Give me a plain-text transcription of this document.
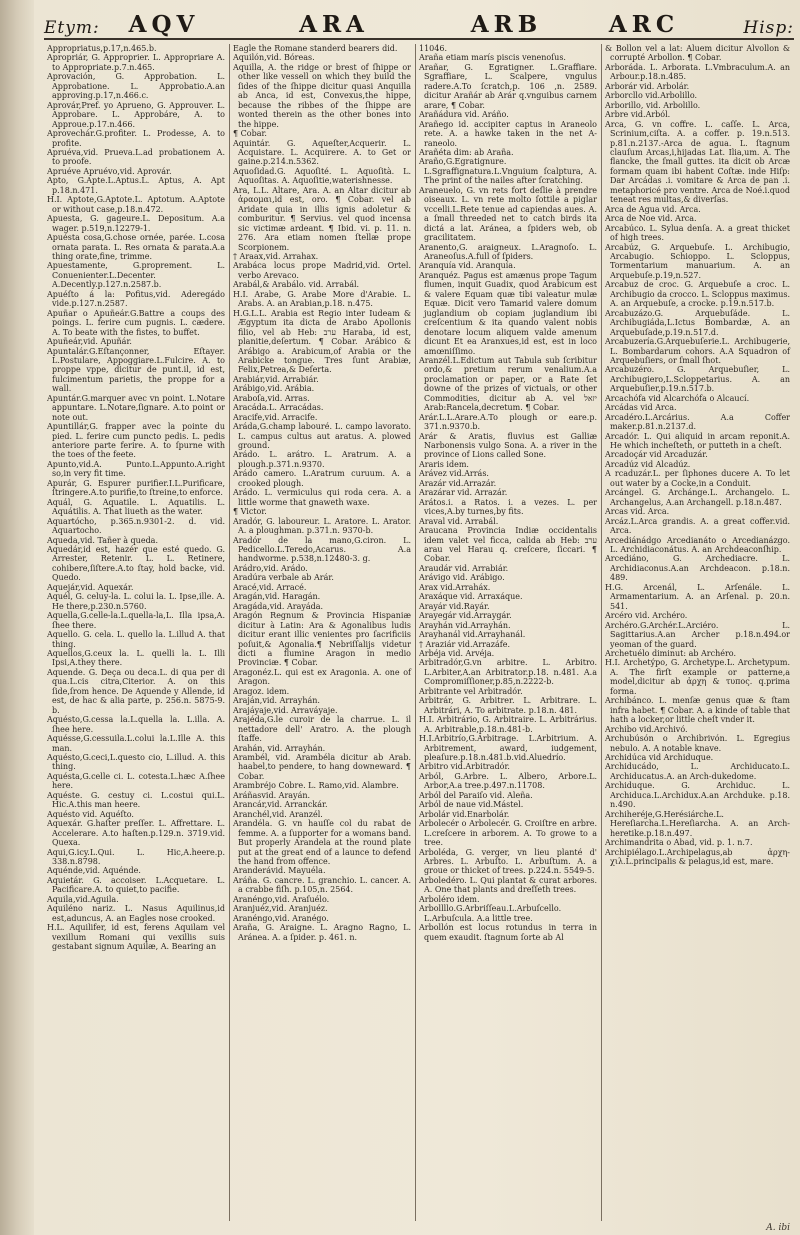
Etym:	AQV	ARA	ARB	ARC	Hisp:

Appropriatus,p.17,n.465.b.

Apropriár, G. Approprier. L. Appropriare A. to Appropriate.p.7.n.465.

Aprovación, G. Approbation. L. Approbatione. L. Approbatio.A.an approving.p.17,n.466.c.

Aprovár,Pref. yo Aprueno, G. Approuver. L. Approbare. L. Approbáre, A. to Approue.p.17.n.466.

Aprovechár.G.profiter. L. Prodesse, A. to profite.

Apruéva,vid. Prueva.L.ad probationem A. to proofe.

Apruéve Apruévo,vid. Aprovár.

Apto, G.Apte.L.Aptus.L. Aptus, A. Apt p.18.n.471.

H.I. Aptote,G.Aptote.L. Aptotum. A.Aptote or without case,p.18.n.472.

Apuesta, G. gageure.L. Depositum. A.a wager. p.519,n.12279-1.

Apuésta cosa,G.chose ornée, parée. L.cosa ornata parata. L. Res ornata & parata.A.a thing orate,fine, trimme.

Apuestamente, G.proprement. L. Conuenienter.L.Decenter. A.Decently.p.127.n.2587.b.

Apuéſto á la: Pofitus,vid. Aderegádo vide.p.127.n.2587.

Apuñar o Apuñeár.G.Battre a coups des poings. L. ferire cum pugnis. L. cædere. A. To beate with the fistes, to buffet.

Apuñeár,vid. Apuñár.

Apuntalár.G.Eſtançonner, Eſtayer. L.Postulare, Appoggiare.L.Fulcire. A. to proppe vppe, dicitur de punt.il, id est, fulcimentum parietis, the proppe for a wall.

Apuntár.G.marquer avec vn point. L.Notare appuntare. L.Notare,ſignare. A.to point or note out.

Apuntillár,G. frapper avec la pointe du pied. L. ferire cum puncto pedis. L. pedis anteriore parte ferire. A. to ſpurne with the toes of the feete.

Apunto,vid.A. Punto.L.Appunto.A.right so,in very fit time.

Apurár, G. Espurer purifier.I.L.Purificare, ſtringere.A.to purifie,to ſtreine,to enforce.

Aquál, G. Aquatile. L. Aquatilis. L. Aquátilis. A. That liueth as the water.

Aquartócho, p.365.n.9301-2. d. vid. Aquartocho.

Aqueda,vid. Tañer à queda.

Aquedár,id est, hazér que esté quedo. G. Arrester, Retenir. L. L. Retinere, cohibere,ſiſtere.A.to ſtay, hold backe, vid. Quedo.

Aquejár,vid. Aquexár.

Aquél, G. celuy-la. L. colui la. L. Ipse,ille. A. He there,p.230.n.5760.

Aquella,G.celle-la.L.quella-la,L. Illa ipsa,A. ſhee there.

Aquello. G. cela. L. quello la. L.illud A. that thing.

Aquellos,G.ceux la. L. quelli la. L. Illi Ipsi,A.they there.

Aquende. G. Deça ou deca.L. di qua per di qua.L.cis citra,Citerior. A. on this ſide,ſrom hence. De Aquende y Allende, id est, de hac & alia parte, p. 256.n. 5875-9. b.

Aquésto,G.cessa la.L.quella la. L.illa. A. ſhee here.

Aquésse,G.cessuila.L.colui la.L.Ille A. this man.

Aquésto,G.ceci,L.questo cio, L.illud. A. this thing.

Aquésta,G.celle ci. L. cotesta.L.hæc A.ſhee here.

Aquéste. G. cestuy ci. L.costui qui.L. Hic.A.this man heere.

Aquésto vid. Aquéſto.

Aquexár. G.haſter preſſer. L. Affrettare. L. Accelerare. A.to haſten.p.129.n. 3719.vid. Quexa.

Aqui,G.icy.L.Qui. L. Hic,A.heere.p. 338.n.8798.

Aquénde,vid. Aquénde.

Aquietár. G. accoiser. L.Acquetare. L. Pacificare.A. to quiet,to pacifie.

Aquila,vid.Aguila.

Aquiléno nariz. L. Nasus Aquilinus,id est,aduncus, A. an Eagles nose crooked.

H.L. Aquilifer, id est, ferens Aquilam vel vexillum Romani qui vexillis suis gestabant signum Aquilæ, A. Bearing an

Eagle the Romane standerd bearers did.

Aquilón,vid. Bóreas.

Aquilla, A. the ridge or brest of ſhippe or other like vessell on which they build the ſides of the ſhippe dicitur quasi Anquilla ab Anca, id est, Convexus,the hippe, because the ribbes of the ſhippe are wonted therein as the other bones into the hippe.

¶ Cobar.

Aquintár. G. Aqueſter,Acquerir. L. Acquistare. L. Acquirere. A. to Get or gaine.p.214.n.5362.

Aquoſidad.G. Aquoſité. L. Aquoſità. L. Aquoſitas. A. Aquoſitie,waterishnesse.

Ara, L.L. Altare, Ara. A. an Altar dicitur ab ἀραομαι,id est, oro. ¶ Cobar. vel ab Aridate quia in illis ignis adoletur & comburitur. ¶ Servius. vel quod incensa sic victimæ ardeant. ¶ Ibid. vi. p. 11. n. 276. Ara etiam nomen ſtellæ prope Scorpionem.

† Araax,vid. Arrahax.

Arabáca locus prope Madrid,vid. Ortel. verbo Arevaco.

Arabál,& Arabálo. vid. Arrabál.

H.I. Arabe, G. Arabe More d'Arabie. L. Arabs. A. an Arabian,p.18. n.475.

H.G.L.L. Arabia est Regio inter Iudeam & Ægyptum ita dicta de Arabo Apollonis filio, vel ab Heb: ערב Haraba, id est, planitie,deſertum. ¶ Cobar. Arábico & Arábigo a. Arabicum,of Arabia or the Arabicke tongue. Tres ſunt Arabiæ, Felix,Petrea,& Deſerta.

Arabiár,vid. Arrabiár.

Arábigo,vid. Arábia.

Araboſa,vid. Arras.

Aracáda.L. Arracádas.

Aracife,vid. Arracife.

Aráda,G.champ labouré. L. campo lavorato. L. campus cultus aut aratus. A. plowed ground.

Arádo. L. arátro. L. Aratrum. A. a plough.p.371.n.9370.

Arádo camero. L.Aratrum curuum. A. a crooked plough.

Arádo. L. vermiculus qui roda cera. A. a little worme that gnaweth waxe.

¶ Victor.

Aradór, G. laboureur. L. Aratore. L. Arator. A. a ploughman. p.371.n. 9370-b.

Aradór de la mano,G.ciron. L. Pedicello.L.Teredo,Acarus. A.a handworme. p.538,n.12480-3. g.

Arádro,vid. Arádo.

Aradúra verbale ab Arár.

Aracé,vid. Arracé.

Aragán,vid. Haragán.

Aragáda,vid. Arayáda.

Aragón Regnum & Provincia Hispaniæ dicitur à Latin: Ara & Agonalibus ludis dicitur erant illic venientes pro ſacrificiis poſuit,& Agonalia.¶ Nebriſſalijs videtur dicti a flumine Aragon in medio Provinciæ. ¶ Cobar.

Aragonéz.L. qui est ex Aragonia. A. one of Aragon.

Aragoz. idem.

Araján,vid. Arrayhán.

Arajáyaje,vid. Arraváyaje.

Arajéda,G.le curoir de la charrue. L. il nettadore dell' Aratro. A. the plough ſtaffe.

Arahán, vid. Arrayhán.

Arambél, vid. Arambéla dicitur ab Arab. haabel,to pendere, to hang downeward. ¶ Cobar.

Arambréjo Cobre. L. Ramo,vid. Alambre.

Aráñasvid. Arayán.

Arancár,vid. Arranckár.

Aranchél,vid. Aranzél.

Arandéla. G. vn hauſſe col du rabat de femme. A. a ſupporter for a womans band. But properly Arandela at the round plate put at the great end of a launce to defend the hand from offence.

Aranderávid. Mayuéla.

Aráña. G. cancre. L. granchio. L. cancer. A. a crabbe fiſh. p.105,n. 2564.

Aranéngo,vid. Araſuélo.

Aranjuéz,vid. Aranjuéz.

Aranéngo,vid. Aranégo.

Araña, G. Araigne. L. Aragno Ragno, L. Aránea. A. a ſpider. p. 461. n.

11046.

Araña etiam marís piscis venenoſus.

Arañar, G. Egratigner. L.Graffiare. Sgraffiare, L. Scalpere, vngulus radere.A.To ſcratch,p. 106 ,n. 2589. dicitur Arañár ab Arár q.vnguibus carnem arare, ¶ Cobar.

Arañádura vid. Aráño.

Arañego id. accipiter captus in Araneolo rete. A. a hawke taken in the net A-raneolo.

Arañéta dim: ab Araña.

Araño,G.Egratignure. L.Sgraffignatura.L.Vnguium ſcalptura, A. The print of the nailes after ſcratching.

Araneuelo, G. vn rets fort deſlie à prendre oiseaux. L. vn rete molto ſottile a piglar vccelli.L.Rete tenue ad capiendas aues. A. a ſmall threeded net to catch birds ita dictá a lat. Aránea, a ſpiders web, ob gracilitatem.

Aranento,G. araigneux. L.Aragnoſo. L. Araneoſus.A.full of ſpiders.

Aranquía vid. Aranquía.

Aranquéz. Pagus est amænus prope Tagum flumen, inquit Guadix, quod Arabicum est & valere Equam quæ tibi valeatur mulæ Equæ. Dicit vero Tamarid valere domum juglandium ob copiam juglandium ibi creſcentium & ita quando valent nobis denotare locum aliquem valde amenum dicunt Et ea Aranxues,id est, est in loco amœniſſimo.

Aranzél.L.Edictum aut Tabula sub ſcribitur ordo,& pretium rerum venalium.A.a proclamation or paper, or a Rate ſet downe of the prizes of victuals, or other Commodities, dicitur ab A. vel יזאל Arab:Rancela,decretum. ¶ Cobar.

Arár.L.L.Arare.A.To plough or eare.p. 371.n.9370.b.

Arár & Aratis, fluvius est Galliæ Narbonensis vulgo Sona. A. a river in the province of Lions called Sone.

Araris idem.

Arávez vid.Arrás.

Arazár vid.Arrazár.

Arazárar vid. Arrazár.

Arátos.i. a Ratos. i. a vezes. L. per vices,A.by turnes,by fits.

Araval vid. Arrabál.

Araucana Provincia Indiæ occidentalis idem valet vel ficca, calida ab Heb: ערב arau vel Harau q. creſcere, ſiccari. ¶ Cobar.

Araudár vid. Arrabiár.

Arávigo vid. Arábigo.

Arax vid.Arraháx.

Araxáque vid. Arraxáque.

Arayár vid.Rayár.

Arayegár vid.Arraygár.

Arayhán vid.Arrayhán.

Arayhanál vid.Arrayhanál.

† Araziár vid.Arrazáfe.

Arbéja vid. Arvéja.

Arbitradór,G.vn arbitre. L. Arbitro. L.Arbiter,A.an Arbitrator.p.18. n.481. A.a Compromiſſioner,p.85,n.2222-b.

Arbitrante vel Arbitradór.

Arbitrár, G. Arbitrer. L. Arbitrare. L. Arbitrári, A. To arbitrate. p.18.n. 481.

H.I. Arbitrário, G. Arbitraire. L. Arbitrárius. A. Arbitrable,p.18.n.481-b.

H.I.Arbitrío,G.Arbitrage. L.Arbitrium. A. Arbitrement, award, iudgement, pleaſure.p.18.n.481.b.vid.Aluedrío.

Arbitro vid.Arbitradór.

Arból, G.Arbre. L. Albero, Arbore.L. Arbor,A.a tree.p.497.n.11708.

Arból del Paraiſo vid. Aleña.

Arból de naue vid.Mástel.

Arbolár vid.Enarbolár.

Arbolecér o Arbolecér. G. Croiſtre en arbre. L.creſcere in arborem. A. To growe to a tree.

Arboléda, G. verger, vn lieu planté d' Arbres. L. Arbuſto. L. Arbuſtum. A. a groue or thicket of trees. p.224.n. 5549-5.

Arboledéro. L. Qui plantat & curat arbores. A. One that plants and dreſſeth trees.

Arboléro idem.

Arbollllo.G.Arbriſſeau.L.Arbuſcello. L.Arbuſcula. A.a little tree.

Arbollón est locus rotundus in terra in quem exaudit. ſtagnum ſorte ab Al

& Bollon vel a lat: Aluem dicitur Alvollon & corrupté Arbollon. ¶ Cobar.

Arboráda. L. Arborata. L.Vmbraculum.A. an Arbour.p.18.n.485.

Arborár vid. Arbolár.

Arborcllo vid.Arbolillo.

Arborillo, vid. Arbolillo.

Arbre vid.Arból.

Arca, G. vn coffre. L. caſſe. L. Arca, Scrinium,ciſta. A. a coffer. p. 19.n.513. p.81.n.2137.-Arca de agua. L. ſtagnum clauſum Arcas,i,hijadas Lat. Ilia,um. A. The flancke, the ſmall guttes. ita dicit ob Arcæ formam quam ibi habent Coſtæ. inde Hiſp: Dar Arcádas .i. vomitare & Arca de pan .i. metaphoricé pro ventre. Arca de Noé.i.quod teneat res multas,& diverſas.

Arca de Agua vid. Arca.

Arca de Noe vid. Arca.

Arcabúco. L. Sylua denſa. A. a great thicket of high trees.

Arcabúz, G. Arquebuſe. L. Archibugio, Arcabugio. Schioppo. L. Scloppus, Tormentarium manuarium. A. an Arquebuſe.p.19,n.527.

Arcabuz de croc. G. Arquebuſe a croc. L. Archibugio da crocco. L. Scloppus maximus. A. an Arquebuſe, a crocke. p.19.n.517.b.

Arcabuzázo.G. Arquebuſáde. L. Archibugiáda,L.Ictus Bombardæ, A. an Arquebuſade,p.19.n.517.d.

Arcabuzería.G.Arquebuſerie.L. Archibugerie, L. Bombardarum cohors. A.A Squadron of Arquebuſiers, or ſmall ſhot.

Arcabuzéro. G. Arquebuſier, L. Archibugiero,L.Scloppetarius. A. an Arquebuſier,p.19.n.517.b.

Arcachófa vid Alcarchófa o Alcaucí.

Arcádas vid Arca.

Arcadéro.L.Arcárius. A.a Coffer maker.p.81.n.2137.d.

Arcadór. L. Qui aliquid in arcam reponit.A. He which incheſteth, or putteth in a cheſt.

Arcadoçár vid Arcaduzár.

Arcadúz vid Alcadúz.

A rcaduzár.L. per ſiphones ducere A. To let out water by a Cocke,in a Conduit.

Arcángel. G. Archánge.L. Archangelo. L. Archangelus, A.an Archangell. p.18.n.487.

Arcas vid. Arca.

Arcáz.L.Arca grandis. A. a great coffer.vid. Arca.

Arcediánádgo Arcedianáto o Arcedianázgo. L. Archidiaconátus. A. an Archdeaconſhip.

Arcediáno, G. Archediacre. L. Archidiaconus.A.an Archdeacon. p.18.n. 489.

H.G. Arcenál, L. Arſenále. L. Armamentarium. A. an Arſenal. p. 20.n. 541.

Arcéro vid. Archéro.

Archéro.G.Archér.L.Arciéro. L. Sagittarius.A.an Archer p.18.n.494.or yeoman of the guard.

Archetuélo diminut: ab Archéro.

H.I. Archetýpo, G. Archetype.L. Archetypum. A. The firſt example or patterne,a model,dicitur ab ἀρχη & τυπος. q.prima forma.

Archibánco. L. menſæ genus quæ & ſtam infra habet. ¶ Cobar. A. a kinde of table that hath a locker,or little cheſt vnder it.

Archibo vid.Archivó.

Archubúsón o Archibrivón. L. Egregius nebulo. A. A notable knave.

Archidúca vid Archiduque.

Archiducádo, L. Archiducato.L. Archiducatus.A. an Arch-dukedome.

Archiduque. G. Archiduc. L. Archiduca.L.Archidux.A.an Archduke. p.18. n.490.

Archiheréje,G.Herésiárche.L. Hereſiarcha.L.Hereſiarcha. A. an Arch-heretike.p.18.n.497.

Archimandrita o Abad, vid. p. 1. n.7.

Archipiélago.L.Archipelagus,ab ἀρχη-χιλ.L.principalis & pelagus,id est, mare.

A. ibi
